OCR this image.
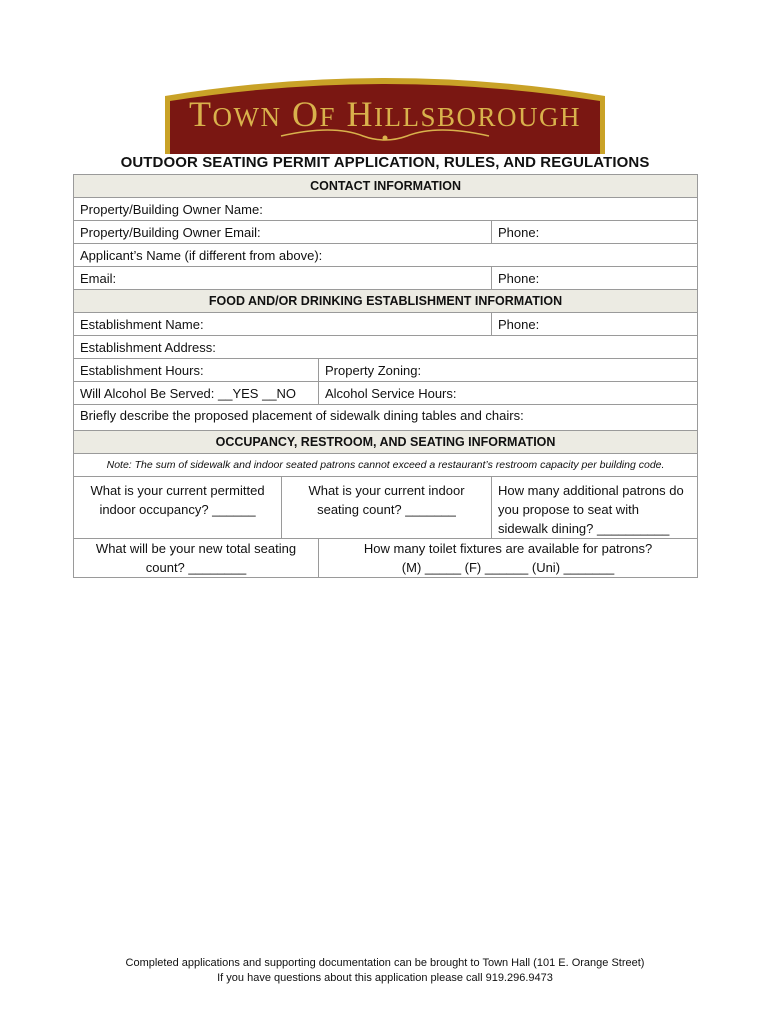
TOWN OF HILLSBOROUGH
OUTDOOR SEATING PERMIT APPLICATION, RULES, AND REGULATIONS
CONTACT INFORMATION			
Property/Building Owner Name:			
Property/Building Owner Email:			Phone:
Applicant’s Name (if different from above):			
Email:			Phone:
FOOD AND/OR DRINKING ESTABLISHMENT INFORMATION			
Establishment Name:			Phone:
Establishment Address:			
Establishment Hours:		Property Zoning:	
Will Alcohol Be Served: __YES __NO		Alcohol Service Hours:	
Briefly describe the proposed placement of sidewalk dining tables and chairs:			
OCCUPANCY, RESTROOM, AND SEATING INFORMATION			
Note: The sum of sidewalk and indoor seated patrons cannot exceed a restaurant’s restroom capacity per building code.			
What is your current permitted indoor occupancy? ______	What is your current indoor seating count? _______		How many additional patrons do you propose to seat with sidewalk dining? __________
What will be your new total seating count? ________		How many toilet fixtures are available for patrons?
(M) _____ (F) ______ (Uni) _______	
Completed applications and supporting documentation can be brought to Town Hall (101 E. Orange Street)
If you have questions about this application please call 919.296.9473
